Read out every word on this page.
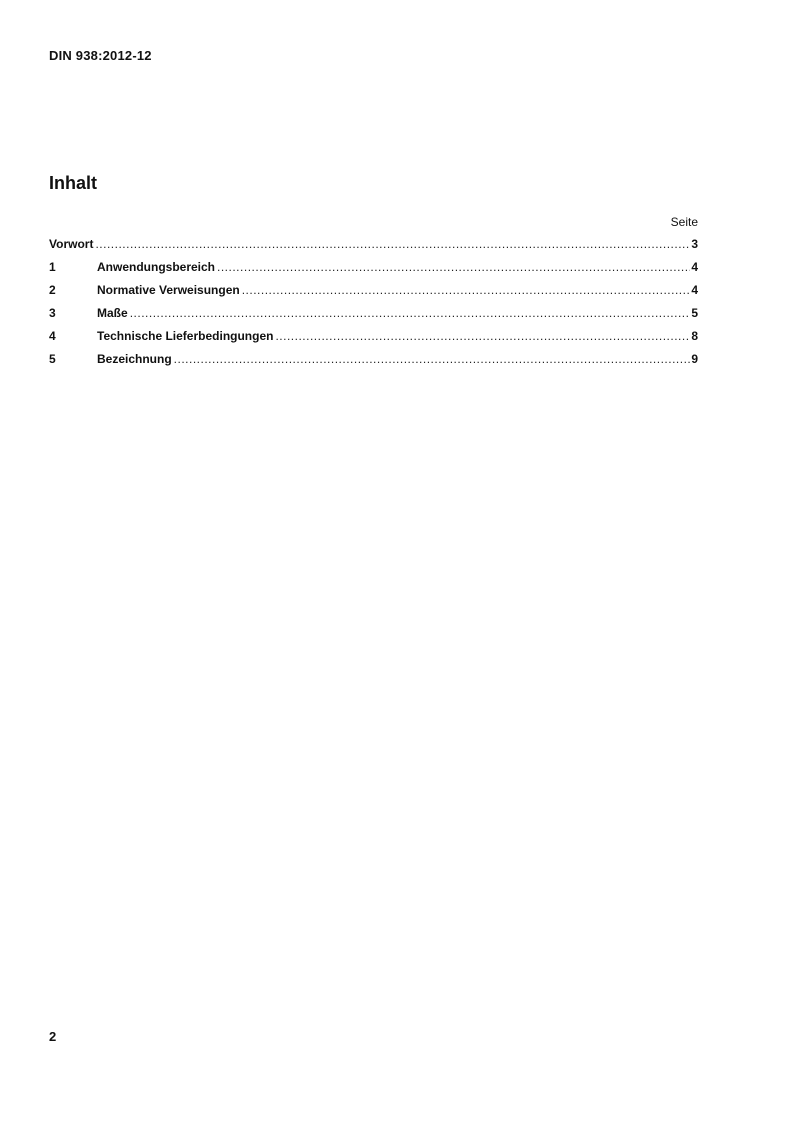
DIN 938:2012-12
Inhalt
Seite
Vorwort .....	3
1	Anwendungsbereich .....	4
2	Normative Verweisungen .....	4
3	Maße .....	5
4	Technische Lieferbedingungen .....	8
5	Bezeichnung .....	9
2
